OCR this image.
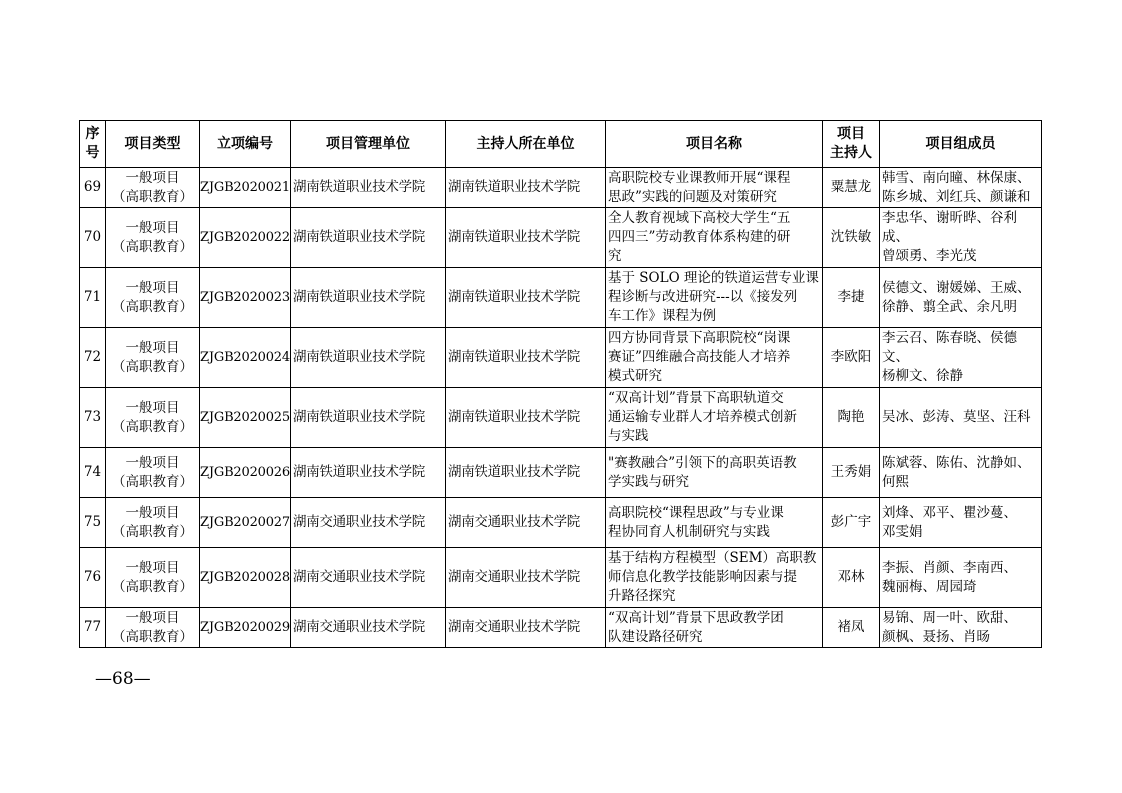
序
号	项目类型	立项编号	项目管理单位	主持人所在单位	项目名称	项目
主持人	项目组成员
69	一般项目
（高职教育）	ZJGB2020021	湖南铁道职业技术学院	湖南铁道职业技术学院	高职院校专业课教师开展“课程
思政”实践的问题及对策研究	粟慧龙	韩雪、南向曈、林保康、
陈乡城、刘红兵、颜谦和

70	一般项目
（高职教育）	ZJGB2020022	湖南铁道职业技术学院	湖南铁道职业技术学院	全人教育视域下高校大学生“五
四四三”劳动教育体系构建的研
究	沈铁敏	李忠华、谢昕晔、谷利成、
曾颂勇、李光茂

71	一般项目
（高职教育）	ZJGB2020023	湖南铁道职业技术学院	湖南铁道职业技术学院	基于 SOLO 理论的铁道运营专业课
程诊断与改进研究---以《接发列
车工作》课程为例	李捷	侯德文、谢媛娣、王威、
徐静、翦全武、余凡明

72	一般项目
（高职教育）	ZJGB2020024	湖南铁道职业技术学院	湖南铁道职业技术学院	四方协同背景下高职院校“岗课
赛证”四维融合高技能人才培养
模式研究	李欧阳	李云召、陈春晓、侯德文、
杨柳文、徐静

73	一般项目
（高职教育）	ZJGB2020025	湖南铁道职业技术学院	湖南铁道职业技术学院	“双高计划”背景下高职轨道交
通运输专业群人才培养模式创新
与实践	陶艳	吴冰、彭涛、莫坚、汪科

74	一般项目
（高职教育）	ZJGB2020026	湖南铁道职业技术学院	湖南铁道职业技术学院	"赛教融合”引领下的高职英语教
学实践与研究	王秀娟	陈斌蓉、陈佑、沈静如、
何熙

75	一般项目
（高职教育）	ZJGB2020027	湖南交通职业技术学院	湖南交通职业技术学院	高职院校“课程思政”与专业课
程协同育人机制研究与实践	彭广宇	刘烽、邓平、瞿沙蔓、
邓雯娟

76	一般项目
（高职教育）	ZJGB2020028	湖南交通职业技术学院	湖南交通职业技术学院	基于结构方程模型（SEM）高职教
师信息化教学技能影响因素与提
升路径探究	邓林	李振、肖颜、李南西、
魏丽梅、周园琦

77	一般项目
（高职教育）	ZJGB2020029	湖南交通职业技术学院	湖南交通职业技术学院	“双高计划”背景下思政教学团
队建设路径研究	褚凤	易锦、周一叶、欧甜、
颜枫、聂扬、肖旸
—68—
